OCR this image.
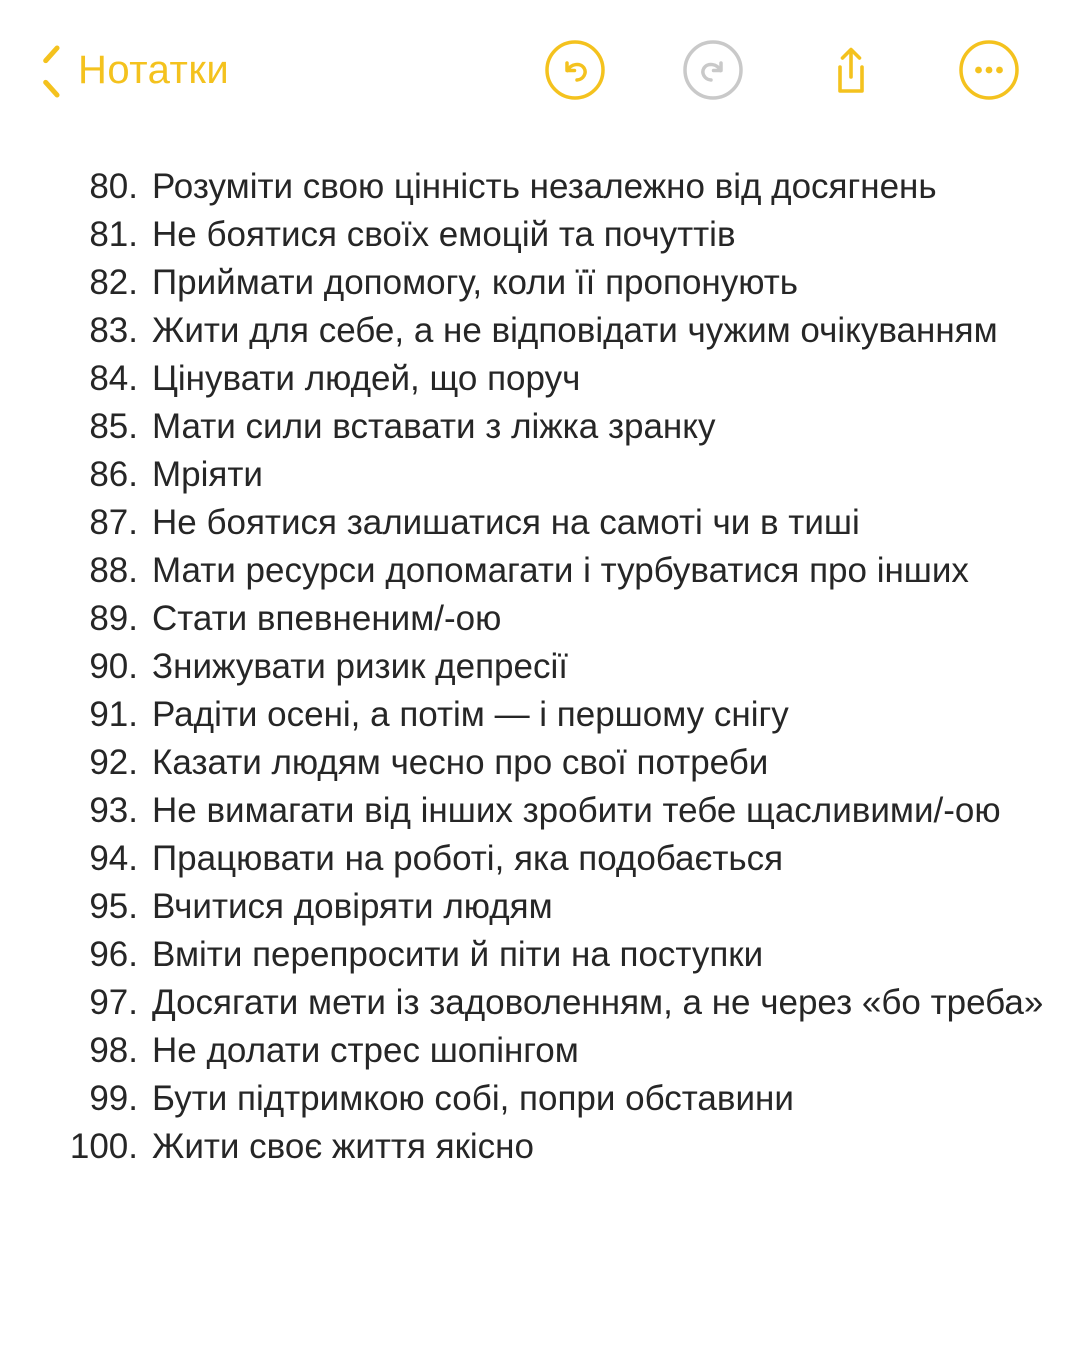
Нотатки
80. Розуміти свою цінність незалежно від досягнень
81. Не боятися своїх емоцій та почуттів
82. Приймати допомогу, коли її пропонують
83. Жити для себе, а не відповідати чужим очікуванням
84. Цінувати людей, що поруч
85. Мати сили вставати з ліжка зранку
86. Мріяти
87. Не боятися залишатися на самоті чи в тиші
88. Мати ресурси допомагати і турбуватися про інших
89. Стати впевненим/-ою
90. Знижувати ризик депресії
91. Радіти осені, а потім — і першому снігу
92. Казати людям чесно про свої потреби
93. Не вимагати від інших зробити тебе щасливими/-ою
94. Працювати на роботі, яка подобається
95. Вчитися довіряти людям
96. Вміти перепросити й піти на поступки
97. Досягати мети із задоволенням, а не через «бо треба»
98. Не долати стрес шопінгом
99. Бути підтримкою собі, попри обставини
100. Жити своє життя якісно
